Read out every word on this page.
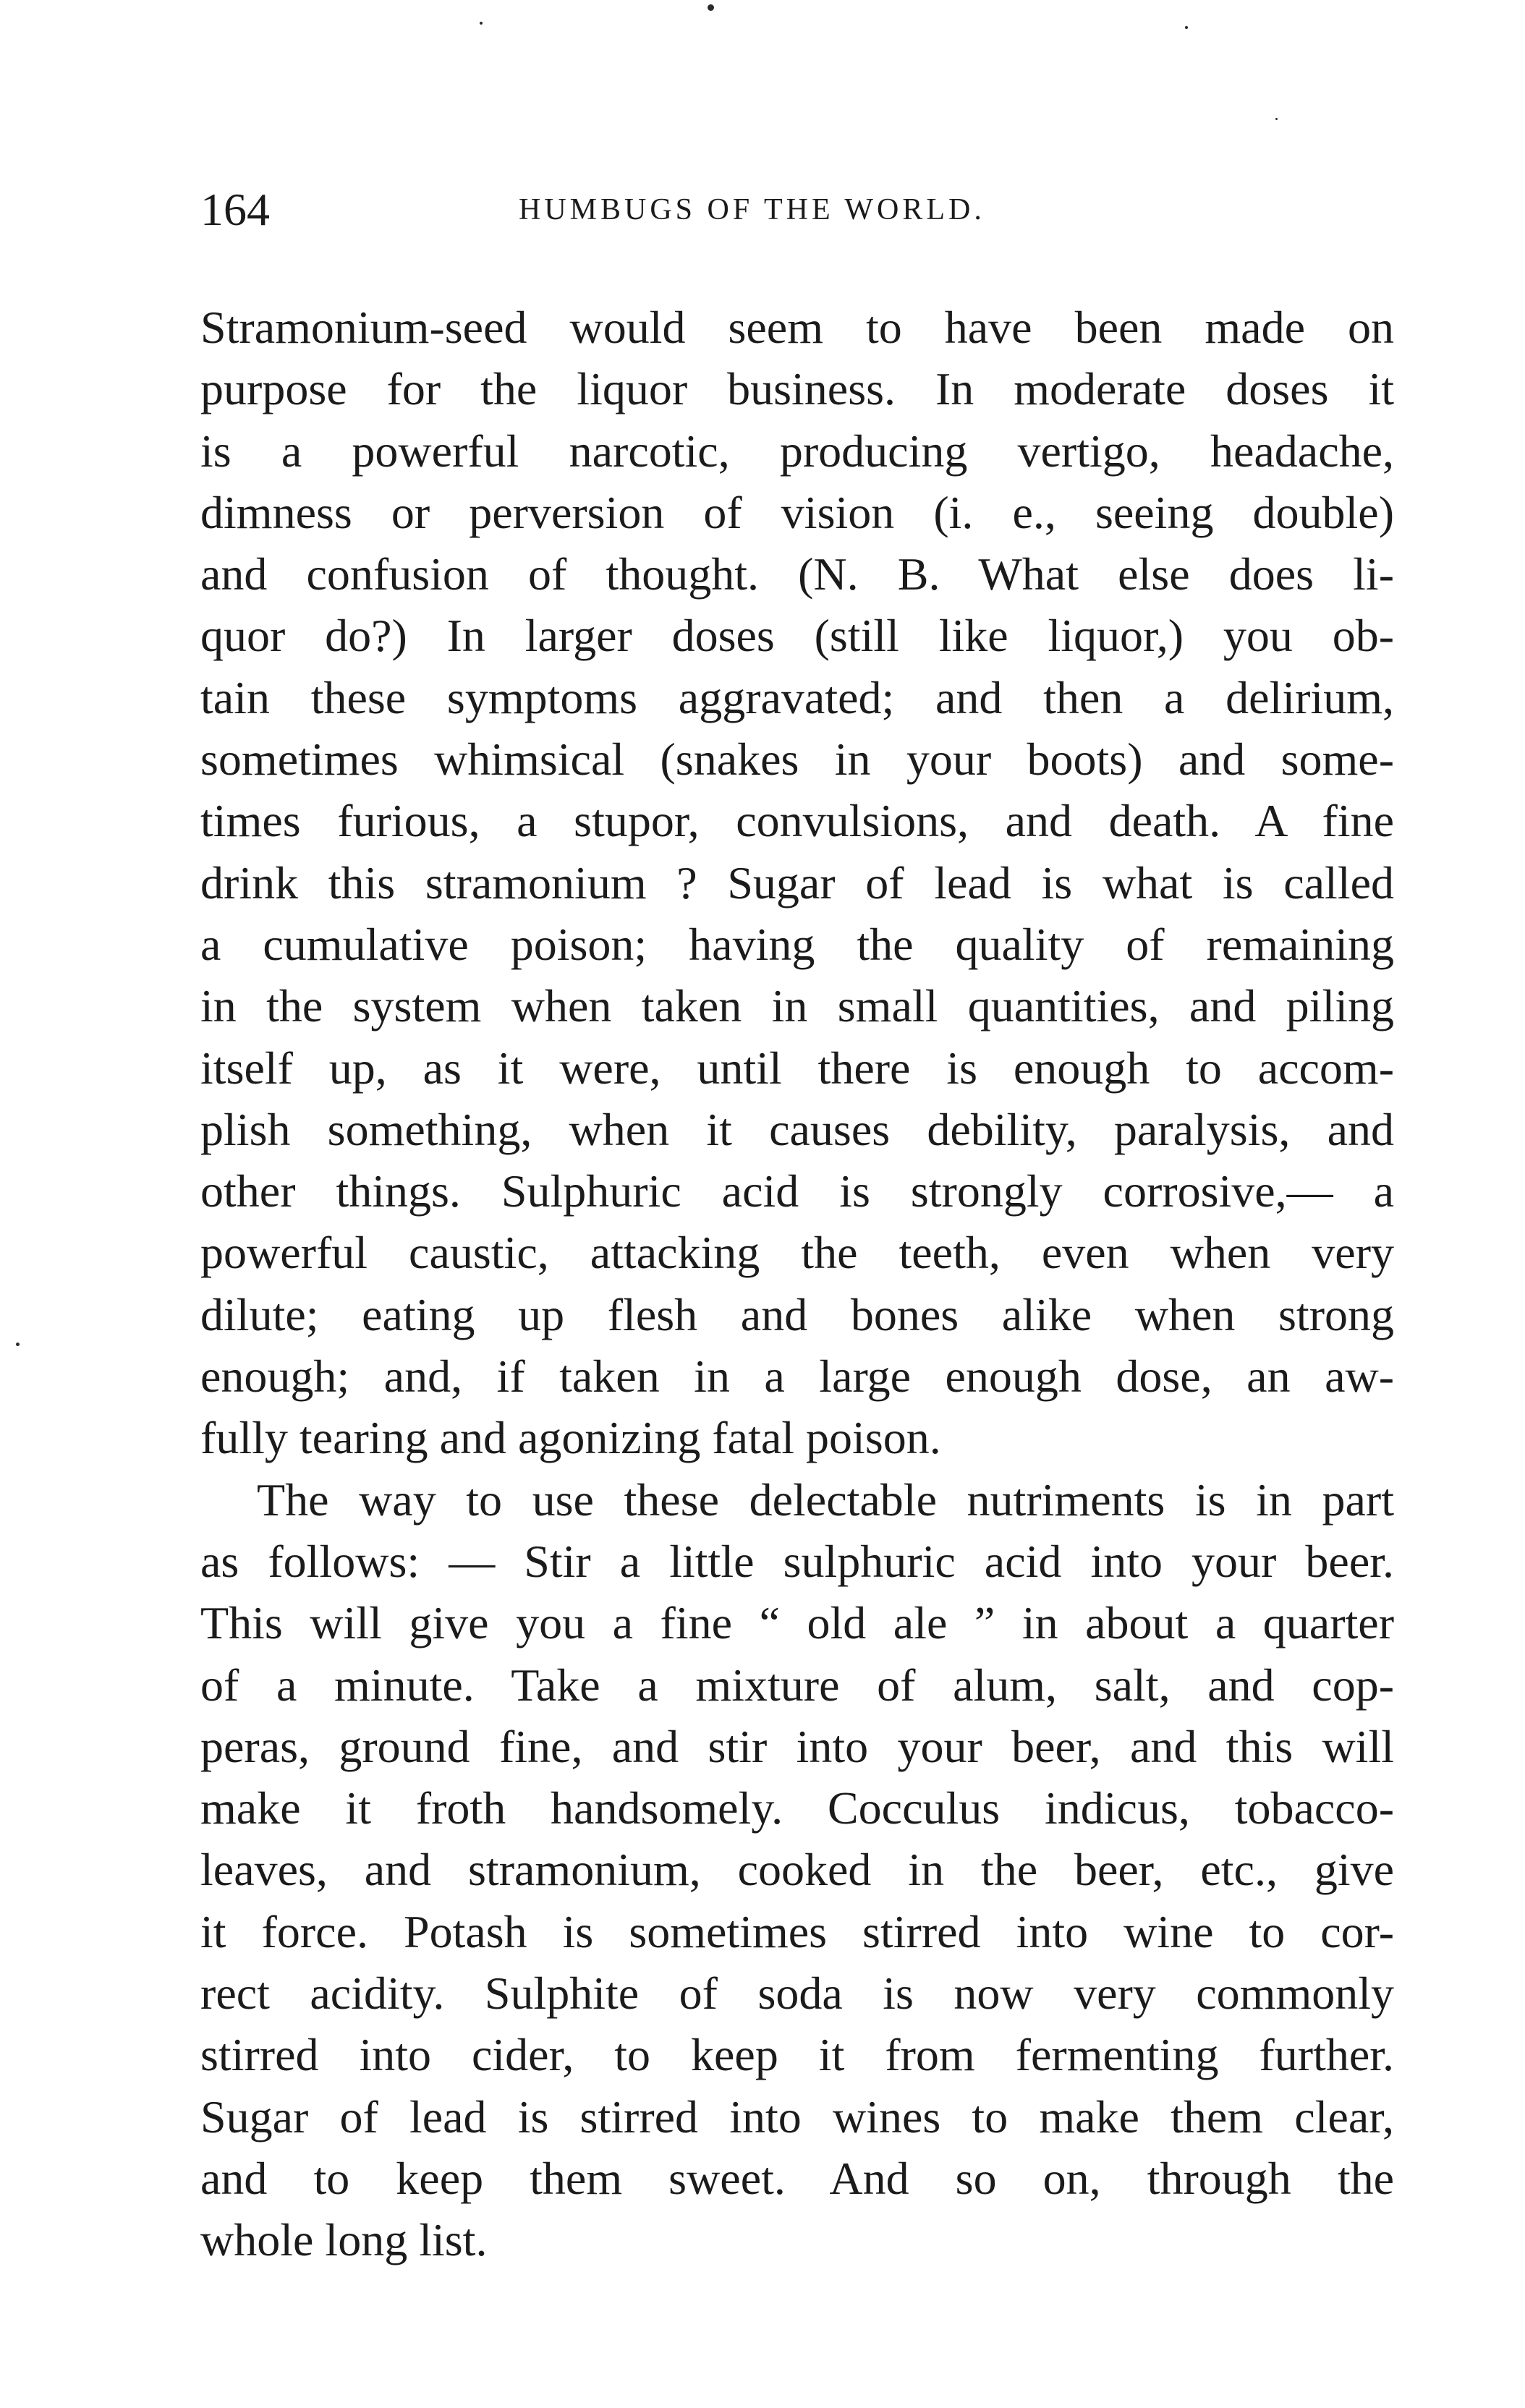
164	HUMBUGS OF THE WORLD.
Stramonium-seed would seem to have been made on
purpose for the liquor business. In moderate doses it
is a powerful narcotic, producing vertigo, headache,
dimness or perversion of vision (i. e., seeing double)
and confusion of thought. (N. B. What else does li-
quor do?) In larger doses (still like liquor,) you ob-
tain these symptoms aggravated; and then a delirium,
sometimes whimsical (snakes in your boots) and some-
times furious, a stupor, convulsions, and death. A fine
drink this stramonium ? Sugar of lead is what is called
a cumulative poison; having the quality of remaining
in the system when taken in small quantities, and piling
itself up, as it were, until there is enough to accom-
plish something, when it causes debility, paralysis, and
other things. Sulphuric acid is strongly corrosive,— a
powerful caustic, attacking the teeth, even when very
dilute; eating up flesh and bones alike when strong
enough; and, if taken in a large enough dose, an aw-
fully tearing and agonizing fatal poison.
The way to use these delectable nutriments is in part
as follows: — Stir a little sulphuric acid into your beer.
This will give you a fine “ old ale ” in about a quarter
of a minute. Take a mixture of alum, salt, and cop-
peras, ground fine, and stir into your beer, and this will
make it froth handsomely. Cocculus indicus, tobacco-
leaves, and stramonium, cooked in the beer, etc., give
it force. Potash is sometimes stirred into wine to cor-
rect acidity. Sulphite of soda is now very commonly
stirred into cider, to keep it from fermenting further.
Sugar of lead is stirred into wines to make them clear,
and to keep them sweet. And so on, through the
whole long list.
